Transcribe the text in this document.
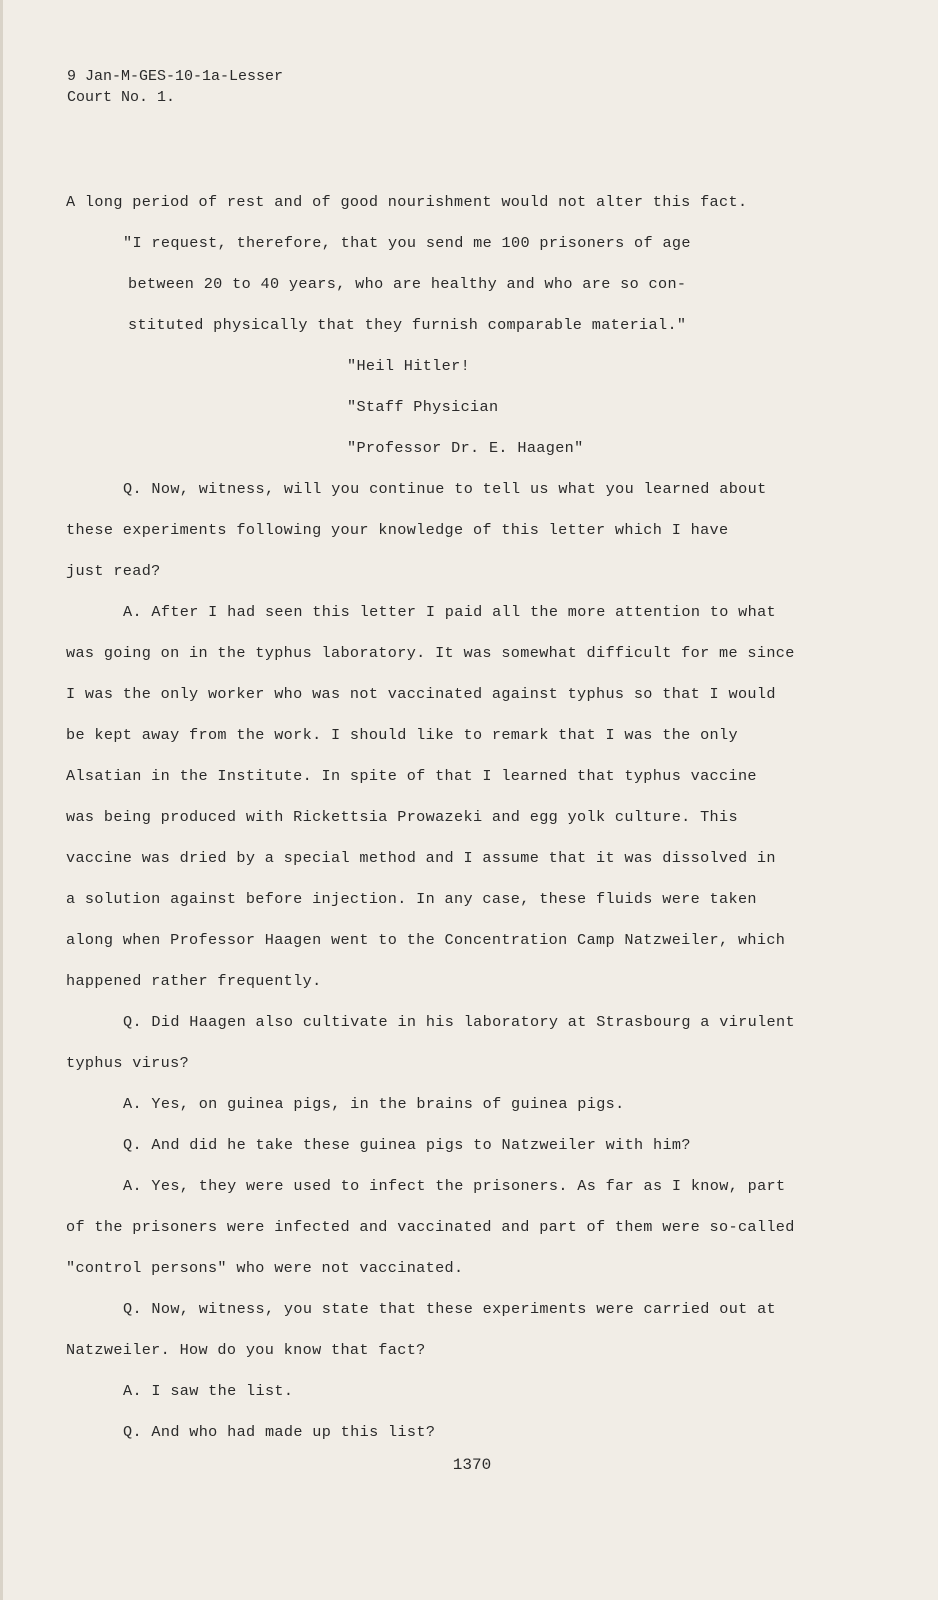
9 Jan-M-GES-10-1a-Lesser
Court No. 1.

A long period of rest and of good nourishment would not alter this fact.

"I request, therefore, that you send me 100 prisoners of age

between 20 to 40 years, who are healthy and who are so con-

stituted physically that they furnish comparable material."

"Heil Hitler!

"Staff Physician

"Professor Dr. E. Haagen"

Q. Now, witness, will you continue to tell us what you learned about

these experiments following your knowledge of this letter which I have

just read?

A. After I had seen this letter I paid all the more attention to what

was going on in the typhus laboratory. It was somewhat difficult for me since

I was the only worker who was not vaccinated against typhus so that I would

be kept away from the work. I should like to remark that I was the only

Alsatian in the Institute. In spite of that I learned that typhus vaccine

was being produced with Rickettsia Prowazeki and egg yolk culture. This

vaccine was dried by a special method and I assume that it was dissolved in

a solution against before injection. In any case, these fluids were taken

along when Professor Haagen went to the Concentration Camp Natzweiler, which

happened rather frequently.

Q. Did Haagen also cultivate in his laboratory at Strasbourg a virulent

typhus virus?

A. Yes, on guinea pigs, in the brains of guinea pigs.

Q. And did he take these guinea pigs to Natzweiler with him?

A. Yes, they were used to infect the prisoners. As far as I know, part

of the prisoners were infected and vaccinated and part of them were so-called

"control persons" who were not vaccinated.

Q. Now, witness, you state that these experiments were carried out at

Natzweiler. How do you know that fact?

A. I saw the list.

Q. And who had made up this list?

1370
